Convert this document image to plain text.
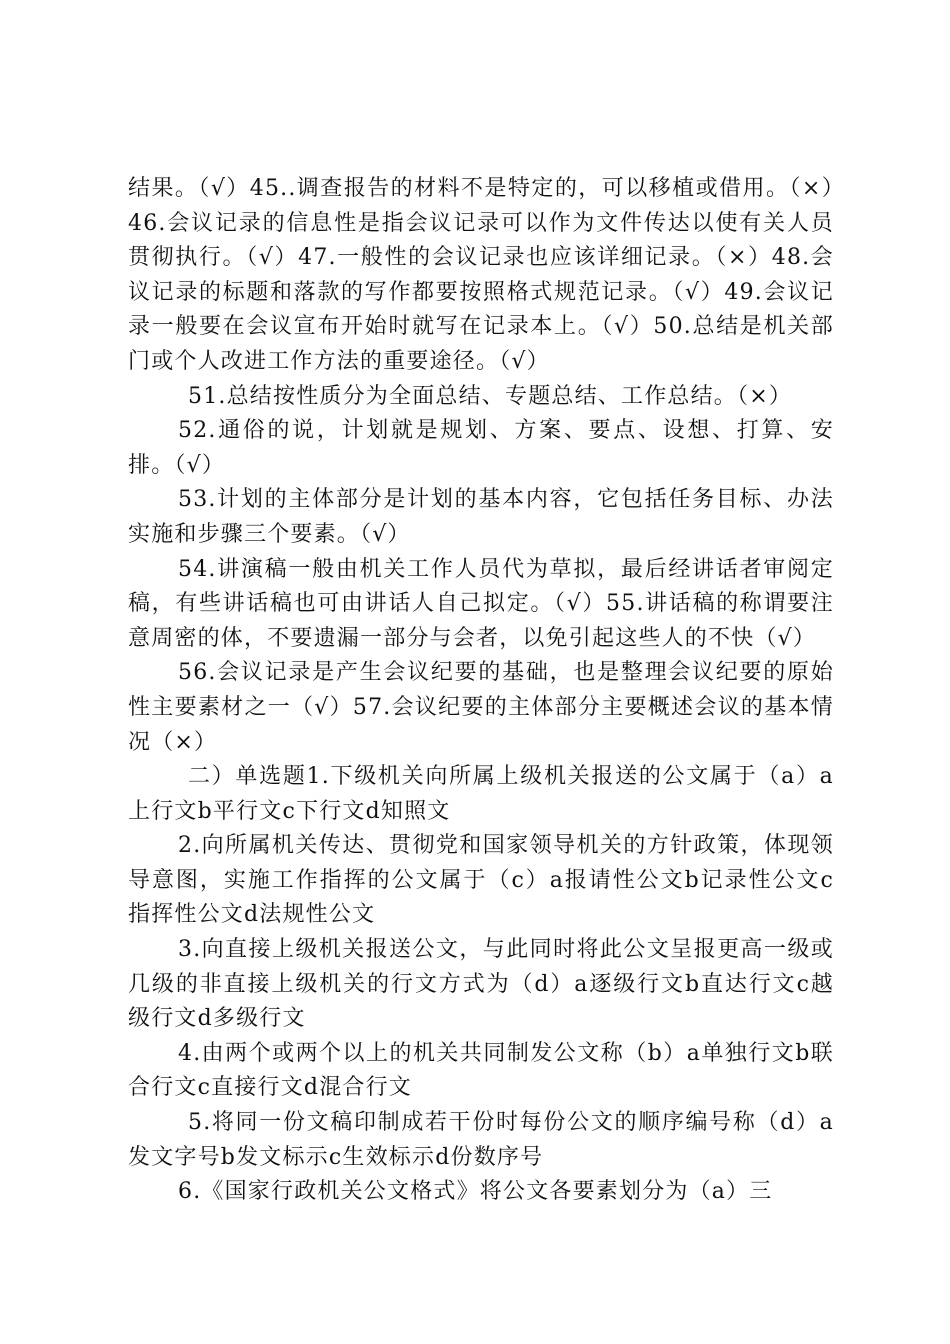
结果。（√）45..调查报告的材料不是特定的，可以移植或借用。（×）46.会议记录的信息性是指会议记录可以作为文件传达以使有关人员贯彻执行。（√）47.一般性的会议记录也应该详细记录。（×）48.会议记录的标题和落款的写作都要按照格式规范记录。（√）49.会议记录一般要在会议宣布开始时就写在记录本上。（√）50.总结是机关部门或个人改进工作方法的重要途径。（√）

51.总结按性质分为全面总结、专题总结、工作总结。（×）

52.通俗的说，计划就是规划、方案、要点、设想、打算、安排。（√）

53.计划的主体部分是计划的基本内容，它包括任务目标、办法实施和步骤三个要素。（√）

54.讲演稿一般由机关工作人员代为草拟，最后经讲话者审阅定稿，有些讲话稿也可由讲话人自己拟定。（√）55.讲话稿的称谓要注意周密的体，不要遗漏一部分与会者，以免引起这些人的不快（√）

56.会议记录是产生会议纪要的基础，也是整理会议纪要的原始性主要素材之一（√）57.会议纪要的主体部分主要概述会议的基本情况（×）

二）单选题1.下级机关向所属上级机关报送的公文属于（a）a上行文b平行文c下行文d知照文

2.向所属机关传达、贯彻党和国家领导机关的方针政策，体现领导意图，实施工作指挥的公文属于（c）a报请性公文b记录性公文c指挥性公文d法规性公文

3.向直接上级机关报送公文，与此同时将此公文呈报更高一级或几级的非直接上级机关的行文方式为（d）a逐级行文b直达行文c越级行文d多级行文

4.由两个或两个以上的机关共同制发公文称（b）a单独行文b联合行文c直接行文d混合行文

5.将同一份文稿印制成若干份时每份公文的顺序编号称（d）a发文字号b发文标示c生效标示d份数序号

6.《国家行政机关公文格式》将公文各要素划分为（a）三
